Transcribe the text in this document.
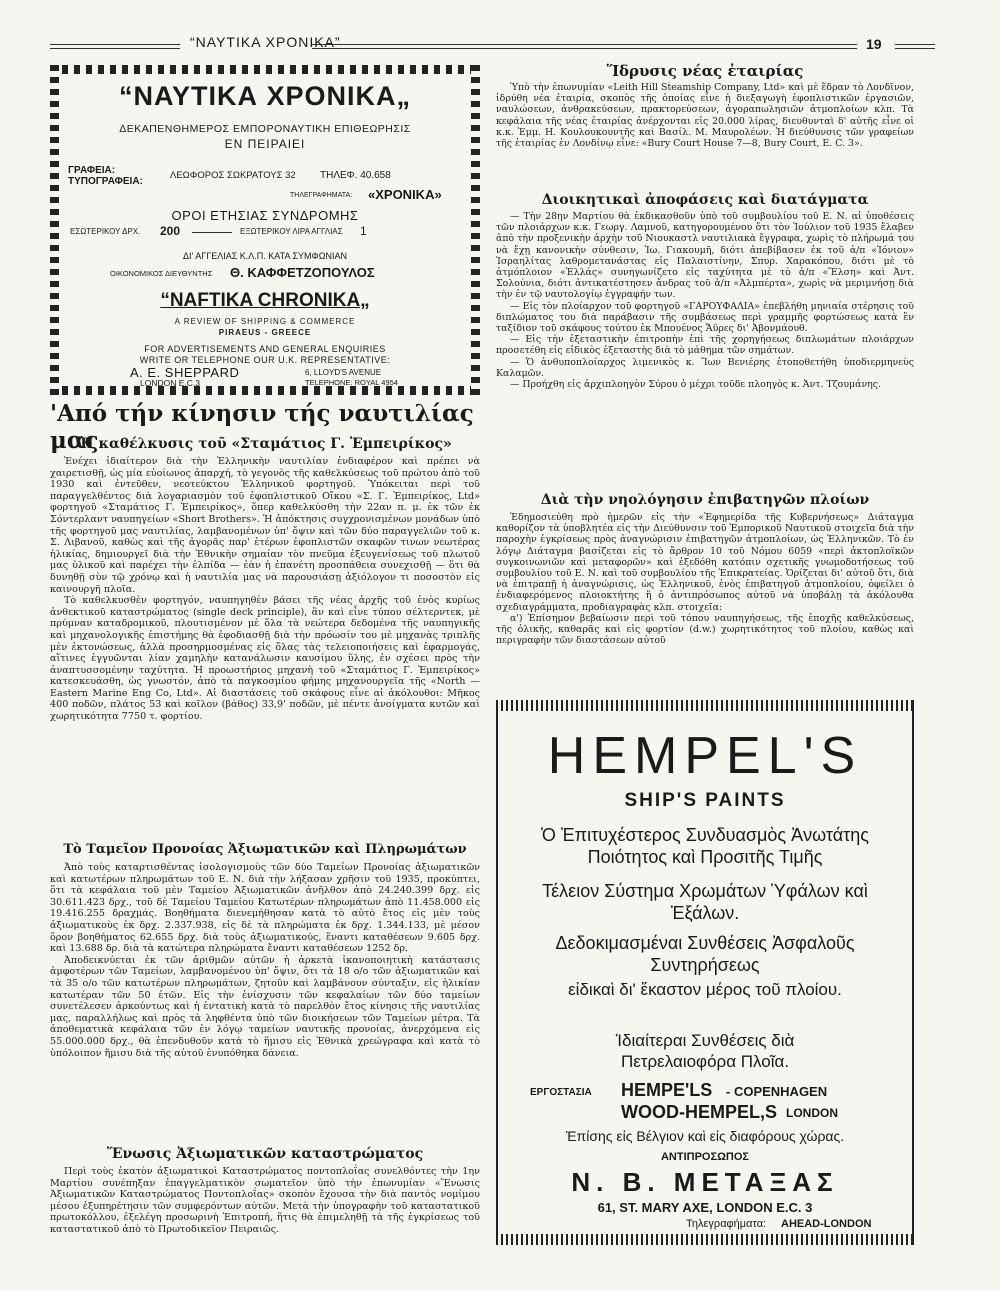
“ΝΑΥΤΙΚΑ ΧΡΟΝΙΚΑ”	19
“ΝΑΥΤΙΚΑ ΧΡΟΝΙΚΑ„
ΔΕΚΑΠΕΝΘΗΜΕΡΟΣ ΕΜΠΟΡΟΝΑΥΤΙΚΗ ΕΠΙΘΕΩΡΗΣΙΣ
ΕΝ ΠΕΙΡΑΙΕΙ
ΓΡΑΦΕΙΑ:
ΤΥΠΟΓΡΑΦΕΙΑ:
ΛΕΩΦΟΡΟΣ ΣΩΚΡΑΤΟΥΣ 32 ΤΗΛΕΦ. 40.658
ΤΗΛΕΓΡΑΦΗΜΑΤΑ: «ΧΡΟΝΙΚΑ»
ΟΡΟΙ ΕΤΗΣΙΑΣ ΣΥΝΔΡΟΜΗΣ
ΕΣΩΤΕΡΙΚΟΥ ΔΡΧ. 200	ΕΞΩΤΕΡΙΚΟΥ ΛΙΡΑ ΑΓΓΛΙΑΣ 1
ΔΙ' ΑΓΓΕΛΙΑΣ Κ.Λ.Π. ΚΑΤΑ ΣΥΜΦΩΝΙΑΝ
ΟΙΚΟΝΟΜΙΚΟΣ ΔΙΕΥΘΥΝΤΗΣ Θ. ΚΑΦΦΕΤΖΟΠΟΥΛΟΣ
“NAFTIKA CHRONIKA„
A REVIEW OF SHIPPING & COMMERCE
PIRAEUS - GREECE
FOR ADVERTISEMENTS AND GENERAL ENQUIRIES
WRITE OR TELEPHONE OUR U.K. REPRESENTATIVE:
A. E. SHEPPARD	6, LLOYD'S AVENUE
LONDON E.C.3	TELEPHONE: ROYAL 4954
'Από τήν κίνησιν τής ναυτιλίας μας
Ἡ καθέλκυσις τοῦ «Σταμάτιος Γ. Ἐμπειρίκος»

Ἐνέχει ἰδιαίτερον διὰ τὴν Ἑλληνικὴν ναυτιλίαν ἐνδιαφέρον καὶ πρέπει νὰ χαιρετισθῇ, ὡς μία εὐοίωνος ἀπαρχή, τὸ γεγονὸς τῆς καθελκύσεως τοῦ πρώτου ἀπὸ τοῦ 1930 καὶ ἐντεῦθεν, νεοτεύκτου Ἑλληνικοῦ φορτηγοῦ. Ὑπόκειται περὶ τοῦ παραγγελθέντος διὰ λογαριασμὸν τοῦ ἐφοπλιστικοῦ Οἴκου «Σ. Γ. Ἐμπειρίκος, Ltd» φορτηγοῦ «Σταμάτιος Γ. Ἐμπειρίκος», ὅπερ καθελκύσθη τὴν 22αν π. μ. ἐκ τῶν ἐκ Σόντερλαντ ναυπηγείων «Short Brothers». Ἡ ἀπόκτησις συγχρονισμένων μονάδων ὑπὸ τῆς φορτηγοῦ μας ναυτιλίας, λαμβανομένων ὑπ' ὄψιν καὶ τῶν δύο παραγγελιῶν τοῦ κ. Σ. Λιβανοῦ, καθὼς καὶ τῆς ἀγορᾶς παρ' ἑτέρων ἐφοπλιστῶν σκαφῶν τινων νεωτέρας ἡλικίας, δημιουργεῖ διὰ τὴν Ἐθνικὴν σημαίαν τὸν πνεῦμα ἐξευγενίσεως τοῦ πλωτοῦ μας ὑλικοῦ καὶ παρέχει τὴν ἐλπίδα — ἐὰν ἡ ἐπανέτη προσπάθεια συνεχισθῇ — ὅτι θὰ δυνηθῇ σὺν τῷ χρόνῳ καὶ ἡ ναυτιλία μας νὰ παρουσιάσῃ ἀξιόλογον τι ποσοστὸν εἰς καινουργῆ πλοῖα.

Τὸ καθελκυσθὲν φορτηγόν, ναυπηγηθὲν βάσει τῆς νέας ἀρχῆς τοῦ ἑνὸς κυρίως ἀνθεκτικοῦ καταστρώματος (single deck principle), ἂν καὶ εἶνε τύπου σέλτερντεκ, μὲ πρύμναν καταδρομικοῦ, πλουτισμένον μὲ ὅλα τὰ νεώτερα δεδομένα τῆς ναυπηγικῆς καὶ μηχανολογικῆς ἐπιστήμης θὰ ἐφοδιασθῇ διὰ τὴν πρόωσίν του μὲ μηχανὰς τριπλῆς μὲν ἐκτονώσεως, ἀλλὰ προσηρμοσμένας εἰς ὅλας τὰς τελειοποιήσεις καὶ ἐφαρμογάς, αἵτινες ἐγγυῶνται λίαν χαμηλὴν κατανάλωσιν καυσίμου ὕλης, ἐν σχέσει πρὸς τὴν ἀναπτυσσομένην ταχύτητα. Ἡ προωστήριος μηχανὴ τοῦ «Σταμάτιος Γ. Ἐμπειρίκος» κατεσκευάσθη, ὡς γνωστόν, ἀπὸ τὰ παγκοσμίου φήμης μηχανουργεῖα τῆς «North — Eastern Marine Eng Co, Ltd». Αἱ διαστάσεις τοῦ σκάφους εἶνε αἱ ἀκόλουθοι: Μῆκος 400 ποδῶν, πλάτος 53 καὶ κοῖλον (βάθος) 33,9' ποδῶν, μὲ πέντε ἀνοίγματα κυτῶν καὶ χωρητικότητα 7750 τ. φορτίου.

Τὸ Ταμεῖον Προνοίας Ἀξιωματικῶν καὶ Πληρωμάτων

Ἀπὸ τοὺς καταρτισθέντας ἰσολογισμοὺς τῶν δύο Ταμείων Προνοίας ἀξιωματικῶν καὶ κατωτέρων πληρωμάτων τοῦ Ε. Ν. διὰ τὴν λήξασαν χρῆσιν τοῦ 1935, προκύπτει, ὅτι τὰ κεφάλαια τοῦ μὲν Ταμείου Ἀξιωματικῶν ἀνῆλθον ἀπὸ 24.240.399 δρχ. εἰς 30.611.423 δρχ., τοῦ δὲ Ταμείου Ταμείου Κατωτέρων πληρωμάτων ἀπὸ 11.458.000 εἰς 19.416.255 δραχμάς. Βοηθήματα διενεμήθησαν κατὰ τὸ αὐτὸ ἔτος εἰς μὲν τοὺς ἀξιωματικοὺς ἐκ δρχ. 2.337.938, εἰς δὲ τὰ πληρώματα ἐκ δρχ. 1.344.133, μὲ μέσον ὅρον βοηθήματος 62.655 δρχ. διὰ τοὺς ἀξιωματικούς, ἔναντι καταθέσεων 9.605 δρχ. καὶ 13.688 δρ. διὰ τὰ κατώτερα πληρώματα ἔναντι καταθέσεων 1252 δρ.

Ἀποδεικνύεται ἐκ τῶν ἀριθμῶν αὐτῶν ἡ ἀρκετὰ ἱκανοποιητικὴ κατάστασις ἀμφοτέρων τῶν Ταμείων, λαμβανομένου ὑπ' ὄψιν, ὅτι τὰ 18 ο/ο τῶν ἀξιωματικῶν καὶ τὰ 35 ο/ο τῶν κατωτέρων πληρωμάτων, ζητοῦν καὶ λαμβάνουν σύνταξιν, εἰς ἡλικίαν κατωτέραν τῶν 50 ἐτῶν. Εἰς τὴν ἐνίσχυσιν τῶν κεφαλαίων τῶν δύο ταμείων συνετέλεσεν ἀρκούντως καὶ ἡ ἐντατικὴ κατὰ τὸ παρελθὸν ἔτος κίνησις τῆς ναυτιλίας μας, παραλλήλως καὶ πρὸς τὰ ληφθέντα ὑπὸ τῶν διοικήσεων τῶν Ταμείων μέτρα. Τὰ ἀποθεματικὰ κεφάλαια τῶν ἐν λόγῳ ταμείων ναυτικῆς προνοίας, ἀνερχόμενα εἰς 55.000.000 δρχ., θὰ ἐπενδυθοῦν κατὰ τὸ ἥμισυ εἰς Ἐθνικὰ χρεώγραφα καὶ κατὰ τὸ ὑπόλοιπον ἥμισυ διὰ τῆς αὐτοῦ ἐνυπόθηκα δάνεια.

Ἕνωσις Ἀξιωματικῶν καταστρώματος

Περὶ τοὺς ἑκατὸν ἀξιωματικοὶ Καταστρώματος ποντοπλοΐας συνελθόντες τὴν 1ην Μαρτίου συνέπηξαν ἐπαγγελματικὸν σωματεῖον ὑπὸ τὴν ἐπωνυμίαν «Ἕνωσις Ἀξιωματικῶν Καταστρώματος Ποντοπλοΐας» σκοπὸν ἔχουσα τὴν διὰ παντὸς νομίμου μέσου ἐξυπηρέτησιν τῶν συμφερόντων αὐτῶν. Μετὰ τὴν ὑπογραφὴν τοῦ καταστατικοῦ πρωτοκόλλου, ἐξελέγη προσωρινὴ Ἐπιτροπή, ἥτις θὰ ἐπιμεληθῇ τὰ τῆς ἐγκρίσεως τοῦ καταστατικοῦ ἀπὸ τὸ Πρωτοδικεῖον Πειραιῶς.

Ἵδρυσις νέας ἑταιρίας

Ὑπὸ τὴν ἐπωνυμίαν «Leith Hill Steamship Company, Ltd» καὶ μὲ ἕδραν τὸ Λονδῖνον, ἱδρύθη νέα ἑταιρία, σκοπὸς τῆς ὁποίας εἶνε ἡ διεξαγωγὴ ἐφοπλιστικῶν ἐργασιῶν, ναυλώσεων, ἀνθρακεύσεων, πρακτορεύσεων, ἀγοραπωλησιῶν ἀτμοπλοίων κλπ. Τὰ κεφάλαια τῆς νέας ἑταιρίας ἀνέρχονται εἰς 20.000 λίρας, διευθυνταὶ δ' αὐτῆς εἶνε οἱ κ.κ. Ἐμμ. Η. Κουλουκουντῆς καὶ Βασίλ. Μ. Μαυρολέων. Ἡ διεύθυνσις τῶν γραφείων τῆς ἑταιρίας ἐν Λονδίνῳ εἶνε: «Bury Court House 7—8, Bury Court, E. C. 3».

Διοικητικαὶ ἀποφάσεις καὶ διατάγματα

— Τὴν 28ην Μαρτίου θὰ ἐκδικασθοῦν ὑπὸ τοῦ συμβουλίου τοῦ Ε. Ν. αἱ ὑποθέσεις τῶν πλοιάρχων κ.κ. Γεωργ. Λαμνοῦ, κατηγορουμένου ὅτι τὸν Ἰούλιον τοῦ 1935 ἔλαβεν ἀπὸ τὴν προξενικὴν ἀρχὴν τοῦ Νιουκαστλ ναυτιλιακὰ ἔγγραφα, χωρὶς τὸ πλήρωμά του νὰ ἔχῃ κανονικὴν σύνθεσιν, Ἰω. Γιακουμῆ, διότι ἀπεβίβασεν ἐκ τοῦ ἀ/π «Ἰόνιον» Ἰσραηλίτας λαθρομετανάστας εἰς Παλαιστίνην, Σπυρ. Χαρακόπου, διότι μὲ τὸ ἀτμόπλοιον «Ἑλλάς» συνηγωνίζετο εἰς ταχύτητα μὲ τὸ ἀ/π «Ἔλση» καὶ Ἀντ. Σολούνια, διότι ἀντικατέστησεν ἄνδρας τοῦ ἀ/π «Ἀλμπέρτα», χωρὶς νὰ μεριμνήσῃ διὰ τὴν ἐν τῷ ναυτολογίῳ ἐγγραφήν των.

— Εἰς τὸν πλοίαρχον τοῦ φορτηγοῦ «ΓΑΡΟΥΦΑΛΙΑ» ἐπεβλήθη μηνιαία στέρησις τοῦ διπλώματος του διὰ παράβασιν τῆς συμβάσεως περὶ γραμμῆς φορτώσεως κατὰ ἓν ταξίδιον τοῦ σκάφους τούτου ἐκ Μπουένος Ἄϋρες δι' Ἀβονμάουθ.

— Εἰς τὴν ἐξεταστικὴν ἐπιτροπὴν ἐπὶ τῆς χορηγήσεως διπλωμάτων πλοιάρχων προσετέθη εἰς εἰδικὸς ἐξεταστὴς διὰ τὸ μάθημα τῶν σημάτων.

— Ὁ ἀνθυποπλοίαρχος λιμενικὸς κ. Ἴων Βενιέρης ἐτοποθετήθη ὑποδιερμηνεὺς Καλαμῶν.

— Προήχθη εἰς ἀρχιπλοηγὸν Σύρου ὁ μέχρι τοῦδε πλοηγὸς κ. Ἀντ. Τζουμάνης.

Διὰ τὴν νηολόγησιν ἐπιβατηγῶν πλοίων

Ἐδημοσιεύθη πρὸ ἡμερῶν εἰς τὴν «Ἐφημερίδα τῆς Κυβερνήσεως» Διάταγμα καθορίζον τὰ ὑποβλητέα εἰς τὴν Διεύθυνσιν τοῦ Ἐμπορικοῦ Ναυτικοῦ στοιχεῖα διὰ τὴν παροχὴν ἐγκρίσεως πρὸς ἀναγνώρισιν ἐπιβατηγῶν ἀτμοπλοίων, ὡς Ἑλληνικῶν. Τὸ ἐν λόγῳ Διάταγμα βασίζεται εἰς τὸ ἄρθρον 10 τοῦ Νόμου 6059 «περὶ ἀκτοπλοϊκῶν συγκοινωνιῶν καὶ μεταφορῶν» καὶ ἐξεδόθη κατόπιν σχετικῆς γνωμοδοτήσεως τοῦ συμβουλίου τοῦ Ε. Ν. καὶ τοῦ συμβουλίου τῆς Ἐπικρατείας. Ὁρίζεται δι' αὐτοῦ ὅτι, διὰ νὰ ἐπιτραπῇ ἡ ἀναγνώρισις, ὡς Ἑλληνικοῦ, ἑνὸς ἐπιβατηγοῦ ἀτμοπλοίου, ὀφείλει ὁ ἐνδιαφερόμενος πλοιοκτήτης ἢ ὁ ἀντιπρόσωπος αὐτοῦ νὰ ὑποβάλῃ τὰ ἀκόλουθα σχεδιαγράμματα, προδιαγραφὰς κλπ. στοιχεῖα:

α') Ἐπίσημον βεβαίωσιν περὶ τοῦ τόπου ναυπηγήσεως, τῆς ἐποχῆς καθελκύσεως, τῆς ὁλικῆς, καθαρᾶς καὶ εἰς φορτίον (d.w.) χωρητικότητος τοῦ πλοίου, καθὼς καὶ περιγραφὴν τῶν διαστάσεων αὐτοῦ

HEMPEL'S
SHIP'S PAINTS
Ὁ Ἐπιτυχέστερος Συνδυασμὸς Ἀνωτάτης Ποιότητος καὶ Προσιτῆς Τιμῆς
Τέλειον Σύστημα Χρωμάτων Ὑφάλων καὶ Ἐξάλων.
Δεδοκιμασμέναι Συνθέσεις Ἀσφαλοῦς Συντηρήσεως
εἰδικαὶ δι' ἕκαστον μέρος τοῦ πλοίου.
Ἰδιαίτεραι Συνθέσεις διὰ Πετρελαιοφόρα Πλοῖα.
ΕΡΓΟΣΤΑΣΙΑ HEMPE'LS - COPENHAGEN
WOOD-HEMPEL,S LONDON
Ἐπίσης εἰς Βέλγιον καὶ εἰς διαφόρους χώρας.
ΑΝΤΙΠΡΟΣΩΠΟΣ
N. B. ΜΕΤΑΞΑΣ
61, ST. MARY AXE, LONDON E.C. 3
Τηλεγραφήματα: AHEAD-LONDON
